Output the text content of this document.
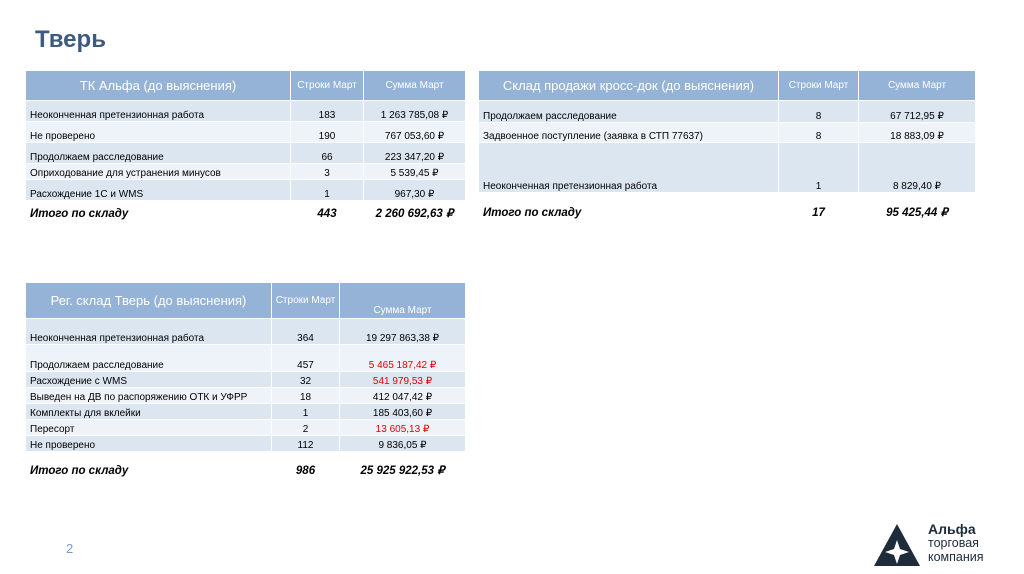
Тверь
ТК Альфа (до выяснения)	Строки Март	Сумма Март
Неоконченная претензионная работа	183	1 263 785,08 ₽
Не проверено	190	767 053,60 ₽
Продолжаем расследование	66	223 347,20 ₽
Оприходование для устранения минусов	3	5 539,45 ₽
Расхождение 1С и WMS	1	967,30 ₽
Итого по складу	443	2 260 692,63 ₽
Склад продажи кросс-док (до выяснения)	Строки Март	Сумма Март
Продолжаем расследование	8	67 712,95 ₽
Задвоенное поступление (заявка в СТП 77637)	8	18 883,09 ₽
Неоконченная претензионная работа	1	8 829,40 ₽
Итого по складу	17	95 425,44 ₽
Рег. склад Тверь (до выяснения)	Строки Март	Сумма Март
Неоконченная претензионная работа	364	19 297 863,38 ₽
Продолжаем расследование	457	5 465 187,42 ₽
Расхождение с WMS	32	541 979,53 ₽
Выведен на ДВ по распоряжению ОТК и УФРР	18	412 047,42 ₽
Комплекты для вклейки	1	185 403,60 ₽
Пересорт	2	13 605,13 ₽
Не проверено	112	9 836,05 ₽
Итого по складу	986	25 925 922,53 ₽
2
Альфа
торговая
компания
